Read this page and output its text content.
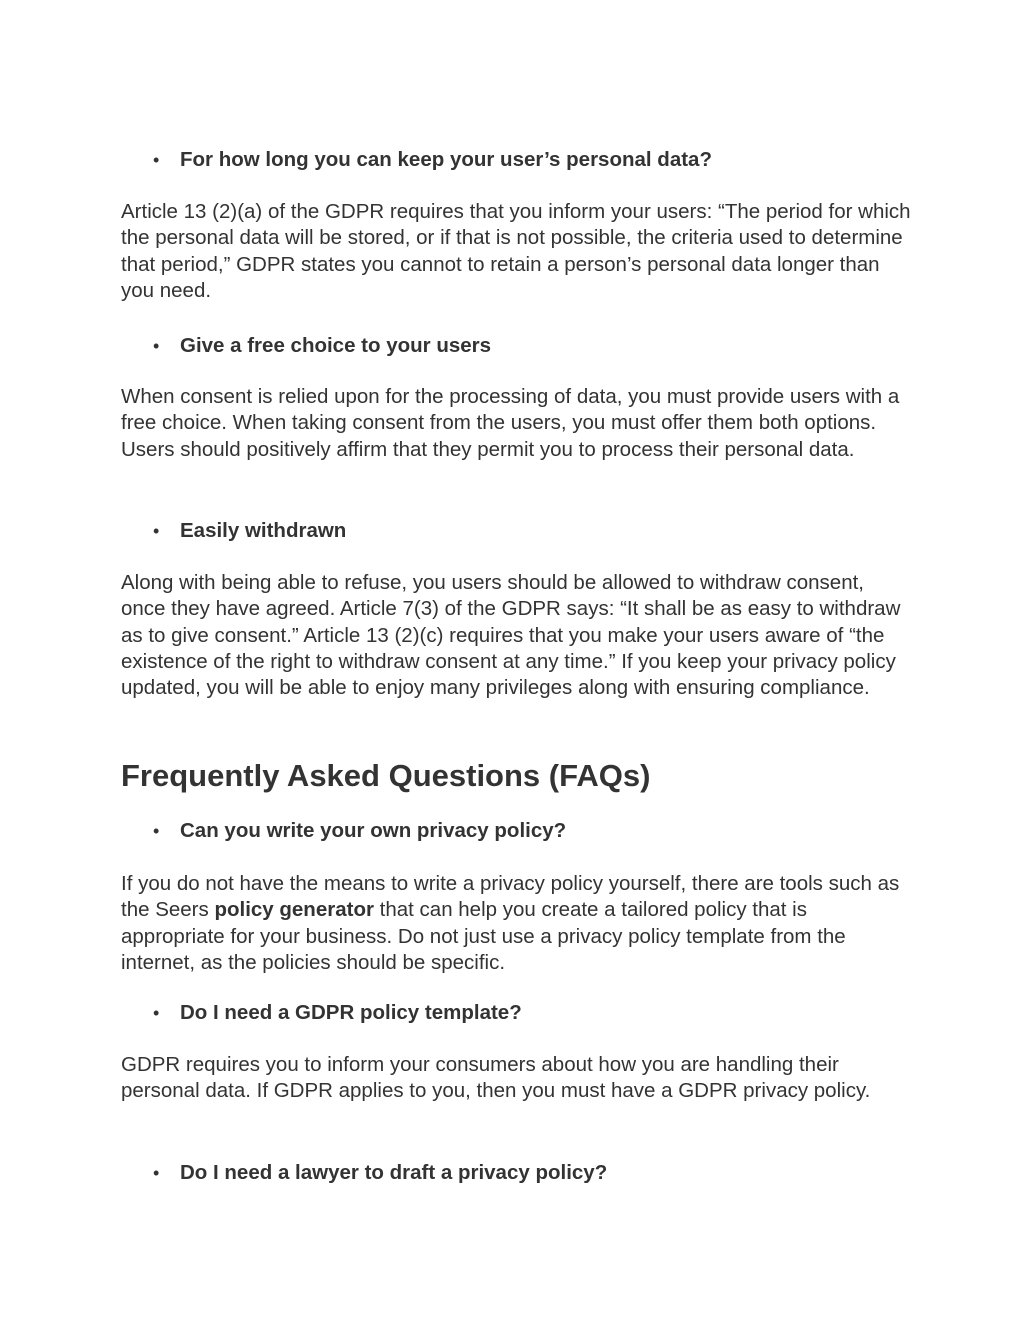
• For how long you can keep your user’s personal data?
Article 13 (2)(a) of the GDPR requires that you inform your users: “The period for which the personal data will be stored, or if that is not possible, the criteria used to determine that period,” GDPR states you cannot to retain a person’s personal data longer than you need.
• Give a free choice to your users
When consent is relied upon for the processing of data, you must provide users with a free choice. When taking consent from the users, you must offer them both options. Users should positively affirm that they permit you to process their personal data.
• Easily withdrawn
Along with being able to refuse, you users should be allowed to withdraw consent, once they have agreed. Article 7(3) of the GDPR says: “It shall be as easy to withdraw as to give consent.” Article 13 (2)(c) requires that you make your users aware of “the existence of the right to withdraw consent at any time.” If you keep your privacy policy updated, you will be able to enjoy many privileges along with ensuring compliance.
Frequently Asked Questions (FAQs)
• Can you write your own privacy policy?
If you do not have the means to write a privacy policy yourself, there are tools such as the Seers policy generator that can help you create a tailored policy that is appropriate for your business. Do not just use a privacy policy template from the internet, as the policies should be specific.
• Do I need a GDPR policy template?
GDPR requires you to inform your consumers about how you are handling their personal data. If GDPR applies to you, then you must have a GDPR privacy policy.
• Do I need a lawyer to draft a privacy policy?
